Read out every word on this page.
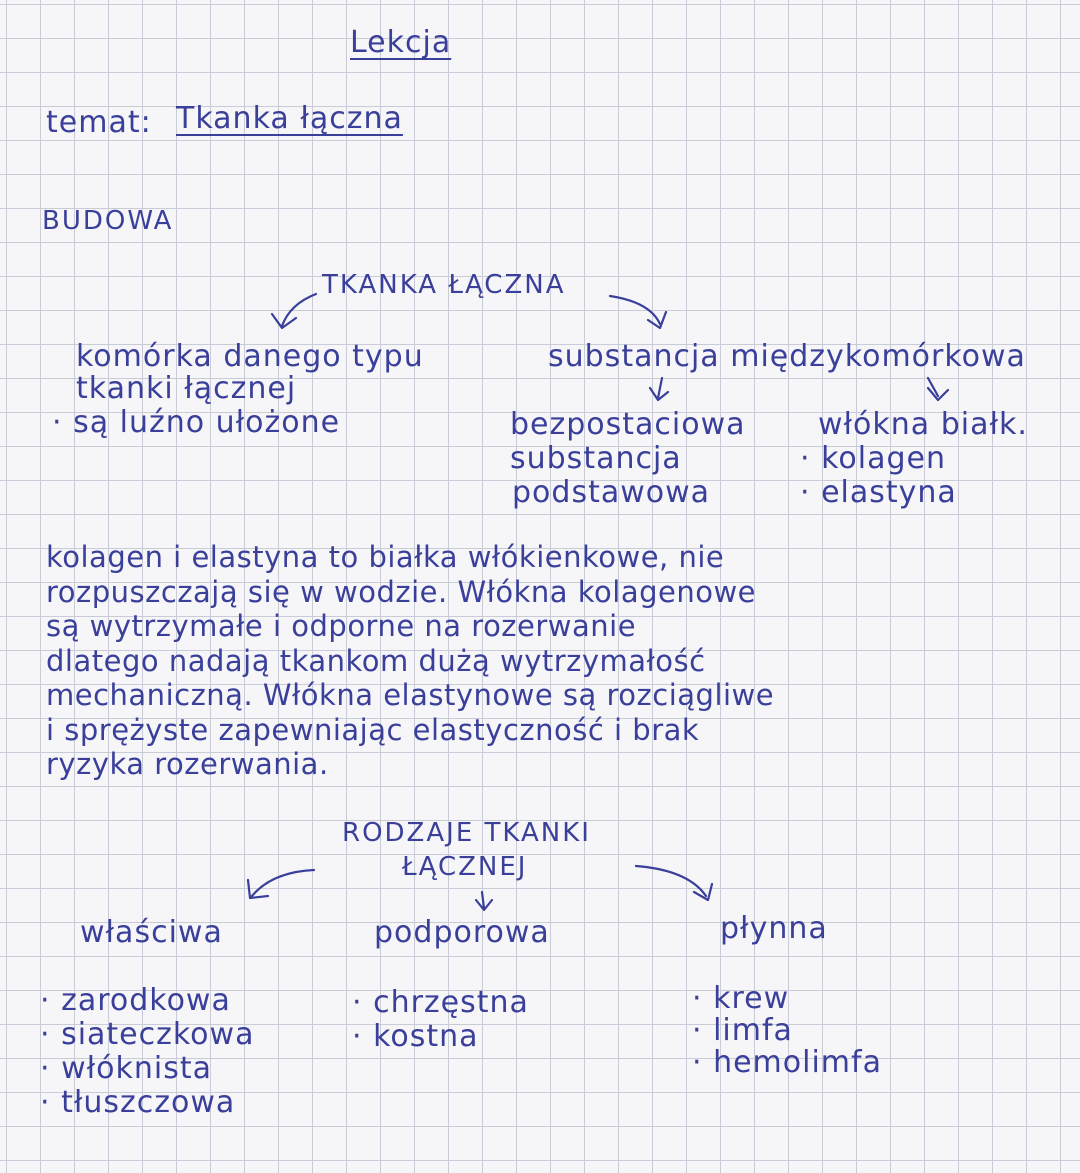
Lekcja
temat: Tkanka łączna
BUDOWA
TKANKA ŁĄCZNA
komórka danego typu
tkanki łącznej
· są luźno ułożone
substancja międzykomórkowa
bezpostaciowa
substancja
podstawowa
włókna białk.
· kolagen
· elastyna
kolagen i elastyna to białka włókienkowe, nie
rozpuszczają się w wodzie. Włókna kolagenowe
są wytrzymałe i odporne na rozerwanie
dlatego nadają tkankom dużą wytrzymałość
mechaniczną. Włókna elastynowe są rozciągliwe
i sprężyste zapewniając elastyczność i brak
ryzyka rozerwania.
RODZAJE TKANKI
ŁĄCZNEJ
właściwa	podporowa	płynna
· zarodkowa
· siateczkowa
· włóknista
· tłuszczowa
· chrzęstna
· kostna
· krew
· limfa
· hemolimfa
